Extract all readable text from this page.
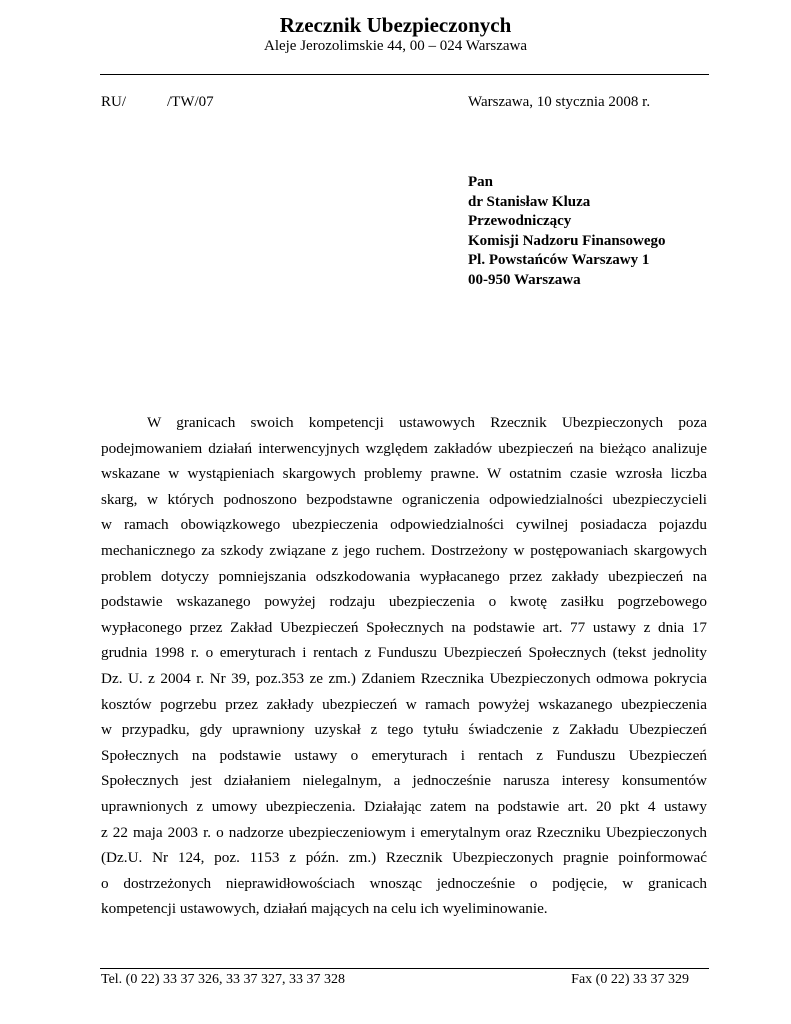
Rzecznik Ubezpieczonych
Aleje Jerozolimskie 44, 00 – 024 Warszawa
RU/	/TW/07	Warszawa, 10 stycznia 2008 r.
Pan
dr Stanisław Kluza
Przewodniczący
Komisji Nadzoru Finansowego
Pl. Powstańców Warszawy 1
00-950 Warszawa
W granicach swoich kompetencji ustawowych Rzecznik Ubezpieczonych poza
podejmowaniem działań interwencyjnych względem zakładów ubezpieczeń na bieżąco analizuje
wskazane w wystąpieniach skargowych problemy prawne. W ostatnim czasie wzrosła liczba
skarg, w których podnoszono bezpodstawne ograniczenia odpowiedzialności ubezpieczycieli
w ramach obowiązkowego ubezpieczenia odpowiedzialności cywilnej posiadacza pojazdu
mechanicznego za szkody związane z jego ruchem. Dostrzeżony w postępowaniach skargowych
problem dotyczy pomniejszania odszkodowania wypłacanego przez zakłady ubezpieczeń na
podstawie wskazanego powyżej rodzaju ubezpieczenia o kwotę zasiłku pogrzebowego
wypłaconego przez Zakład Ubezpieczeń Społecznych na podstawie art. 77 ustawy z dnia 17
grudnia 1998 r. o emeryturach i rentach z Funduszu Ubezpieczeń Społecznych (tekst jednolity
Dz. U. z 2004 r. Nr 39, poz.353 ze zm.) Zdaniem Rzecznika Ubezpieczonych odmowa pokrycia
kosztów pogrzebu przez zakłady ubezpieczeń w ramach powyżej wskazanego ubezpieczenia
w przypadku, gdy uprawniony uzyskał z tego tytułu świadczenie z Zakładu Ubezpieczeń
Społecznych na podstawie ustawy o emeryturach i rentach z Funduszu Ubezpieczeń
Społecznych jest działaniem nielegalnym, a jednocześnie narusza interesy konsumentów
uprawnionych z umowy ubezpieczenia. Działając zatem na podstawie art. 20 pkt 4 ustawy
z 22 maja 2003 r. o nadzorze ubezpieczeniowym i emerytalnym oraz Rzeczniku Ubezpieczonych
(Dz.U. Nr 124, poz. 1153 z późn. zm.) Rzecznik Ubezpieczonych pragnie poinformować
o dostrzeżonych nieprawidłowościach wnosząc jednocześnie o podjęcie, w granicach
kompetencji ustawowych, działań mających na celu ich wyeliminowanie.
Tel. (0 22) 33 37 326, 33 37 327, 33 37 328	Fax (0 22) 33 37 329
